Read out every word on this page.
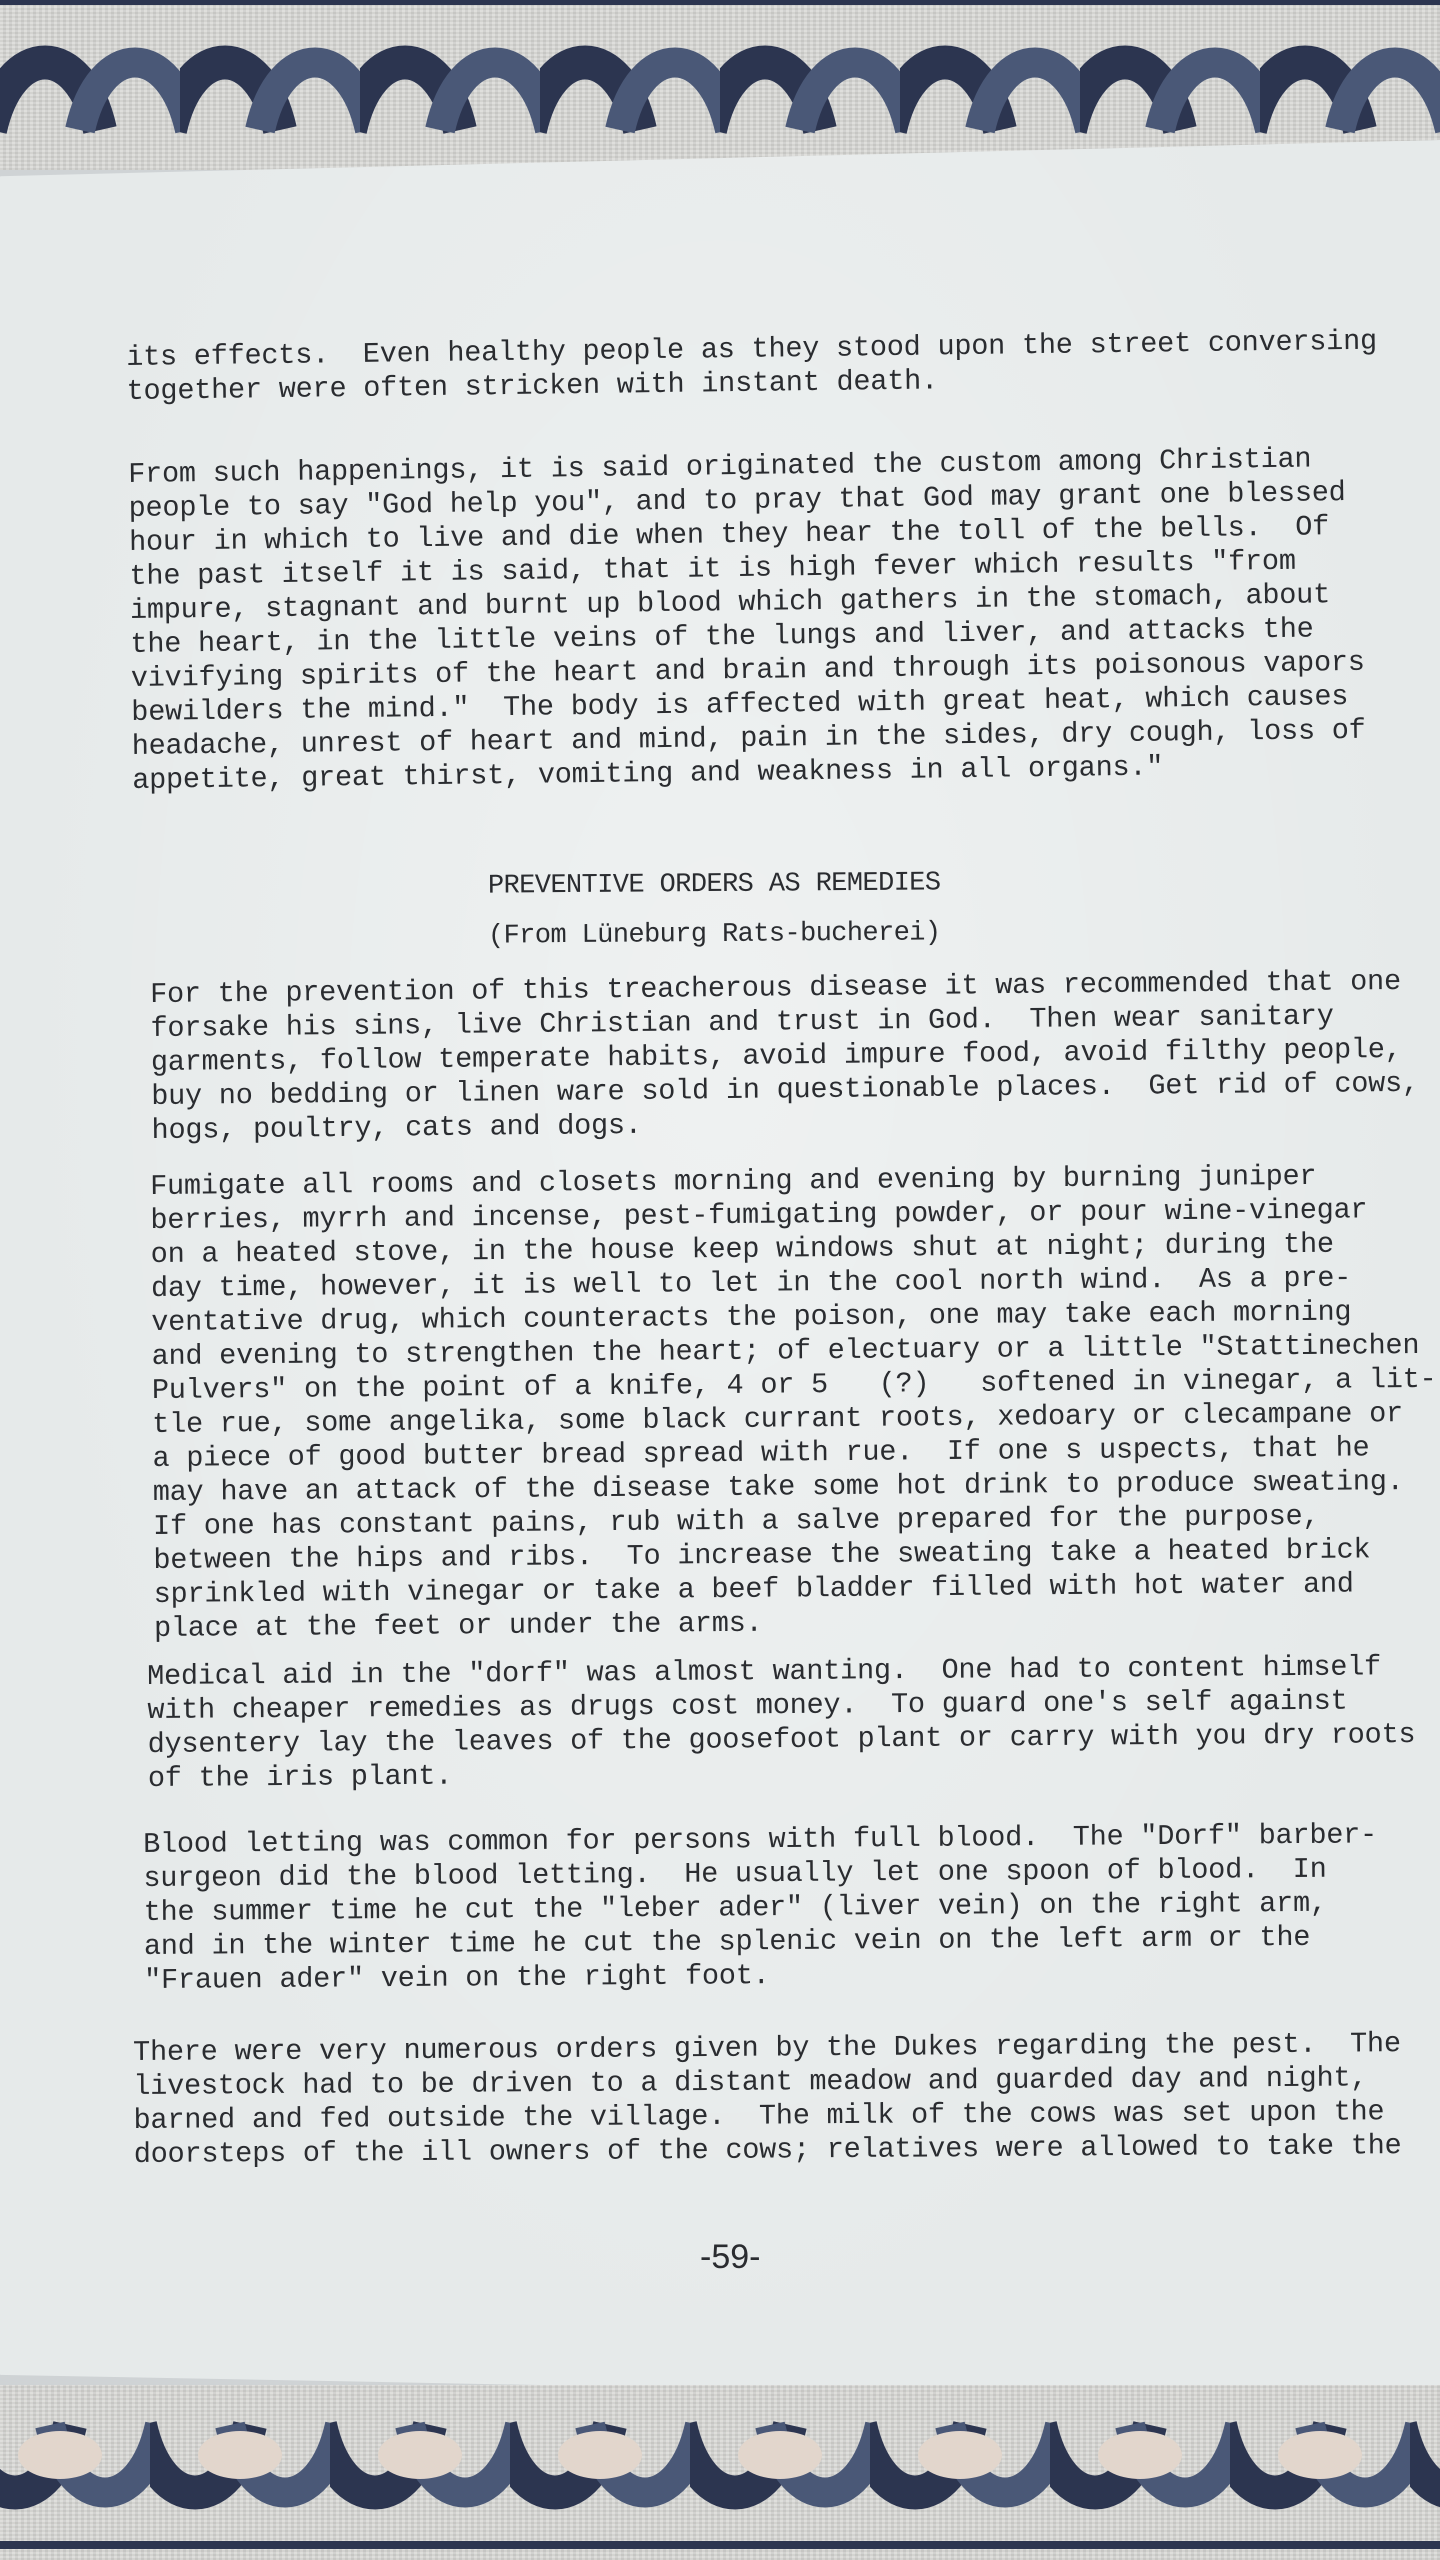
its effects.  Even healthy people as they stood upon the street conversing
together were often stricken with instant death.
From such happenings, it is said originated the custom among Christian
people to say "God help you", and to pray that God may grant one blessed
hour in which to live and die when they hear the toll of the bells.  Of
the past itself it is said, that it is high fever which results "from
impure, stagnant and burnt up blood which gathers in the stomach, about
the heart, in the little veins of the lungs and liver, and attacks the
vivifying spirits of the heart and brain and through its poisonous vapors
bewilders the mind."  The body is affected with great heat, which causes
headache, unrest of heart and mind, pain in the sides, dry cough, loss of
appetite, great thirst, vomiting and weakness in all organs."
PREVENTIVE ORDERS AS REMEDIES
(From Lüneburg Rats-bucherei)
For the prevention of this treacherous disease it was recommended that one
forsake his sins, live Christian and trust in God.  Then wear sanitary
garments, follow temperate habits, avoid impure food, avoid filthy people,
buy no bedding or linen ware sold in questionable places.  Get rid of cows,
hogs, poultry, cats and dogs.
Fumigate all rooms and closets morning and evening by burning juniper
berries, myrrh and incense, pest-fumigating powder, or pour wine-vinegar
on a heated stove, in the house keep windows shut at night; during the
day time, however, it is well to let in the cool north wind.  As a pre-
ventative drug, which counteracts the poison, one may take each morning
and evening to strengthen the heart; of electuary or a little "Stattinechen
Pulvers" on the point of a knife, 4 or 5   (?)   softened in vinegar, a lit-
tle rue, some angelika, some black currant roots, xedoary or clecampane or
a piece of good butter bread spread with rue.  If one s uspects, that he
may have an attack of the disease take some hot drink to produce sweating.
If one has constant pains, rub with a salve prepared for the purpose,
between the hips and ribs.  To increase the sweating take a heated brick
sprinkled with vinegar or take a beef bladder filled with hot water and
place at the feet or under the arms.
Medical aid in the "dorf" was almost wanting.  One had to content himself
with cheaper remedies as drugs cost money.  To guard one's self against
dysentery lay the leaves of the goosefoot plant or carry with you dry roots
of the iris plant.
Blood letting was common for persons with full blood.  The "Dorf" barber-
surgeon did the blood letting.  He usually let one spoon of blood.  In
the summer time he cut the "leber ader" (liver vein) on the right arm,
and in the winter time he cut the splenic vein on the left arm or the
"Frauen ader" vein on the right foot.
There were very numerous orders given by the Dukes regarding the pest.  The
livestock had to be driven to a distant meadow and guarded day and night,
barned and fed outside the village.  The milk of the cows was set upon the
doorsteps of the ill owners of the cows; relatives were allowed to take the
-59-
